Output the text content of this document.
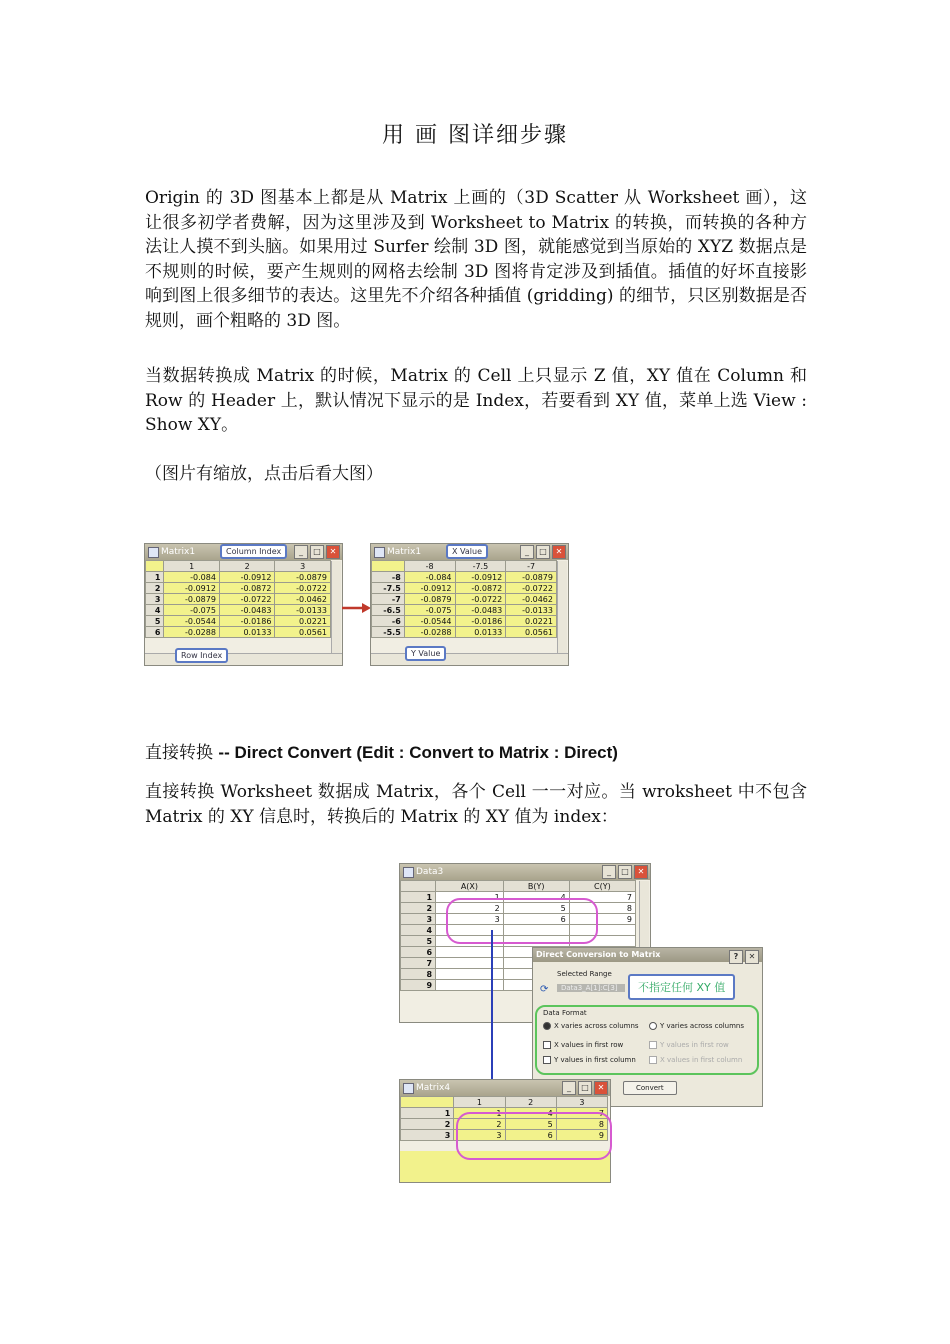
用 画 图详细步骤

Origin 的 3D 图基本上都是从 Matrix 上画的（3D Scatter 从 Worksheet 画），这让很多初学者费解，因为这里涉及到 Worksheet to Matrix 的转换，而转换的各种方法让人摸不到头脑。如果用过 Surfer 绘制 3D 图，就能感觉到当原始的 XYZ 数据点是不规则的时候，要产生规则的网格去绘制 3D 图将肯定涉及到插值。插值的好坏直接影响到图上很多细节的表达。这里先不介绍各种插值 (gridding) 的细节，只区别数据是否规则，画个粗略的 3D 图。

当数据转换成 Matrix 的时候，Matrix 的 Cell 上只显示 Z 值，XY 值在 Column 和 Row 的 Header 上，默认情况下显示的是 Index，若要看到 XY 值，菜单上选 View : Show XY。

（图片有缩放，点击后看大图）

Matrix1	_	□	✕
	1	2	3
1	-0.084	-0.0912	-0.0879
2	-0.0912	-0.0872	-0.0722
3	-0.0879	-0.0722	-0.0462
4	-0.075	-0.0483	-0.0133
5	-0.0544	-0.0186	0.0221
6	-0.0288	0.0133	0.0561
Column Index
Row Index
Matrix1	_	□	✕
	-8	-7.5	-7
-8	-0.084	-0.0912	-0.0879
-7.5	-0.0912	-0.0872	-0.0722
-7	-0.0879	-0.0722	-0.0462
-6.5	-0.075	-0.0483	-0.0133
-6	-0.0544	-0.0186	0.0221
-5.5	-0.0288	0.0133	0.0561
X Value
Y Value
直接转换 -- Direct Convert (Edit : Convert to Matrix : Direct)

直接转换 Worksheet 数据成 Matrix，各个 Cell 一一对应。当 wroksheet 中不包含 Matrix 的 XY 信息时，转换后的 Matrix 的 XY 值为 index：

Data3	_	□	✕
	A(X)	B(Y)	C(Y)
1	1	4	7
2	2	5	8
3	3	6	9
4			
5			
6			
7			
8			
9			
Direct Conversion to Matrix	?	✕
Selected Range
⟳	Data3_A[1]:C[3]
Data Format
X varies across columns	Y varies across columns
X values in first row	Y values in first row
Y values in first column	X values in first column
Convert
不指定任何 XY 值
Matrix4	_	□	✕
	1	2	3
1	1	4	7
2	2	5	8
3	3	6	9
